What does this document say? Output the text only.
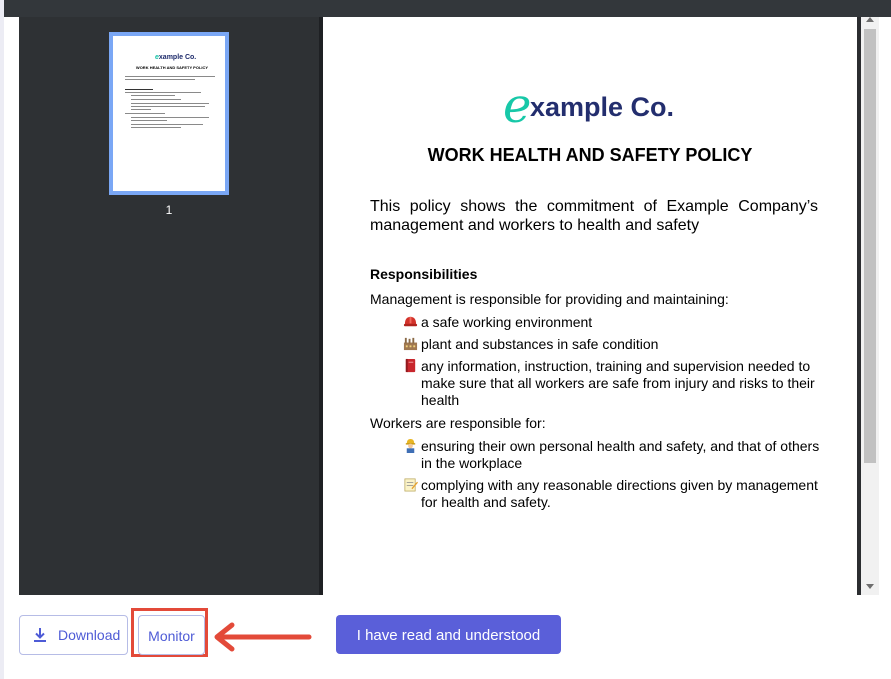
example Co.
WORK HEALTH AND SAFETY POLICY
1
e
xample Co.
WORK HEALTH AND SAFETY POLICY
This policy shows the commitment of Example Company’s management and workers to health and safety
Responsibilities
Management is responsible for providing and maintaining:
a safe working environment
plant and substances in safe condition
any information, instruction, training and supervision needed to make sure that all workers are safe from injury and risks to their health
Workers are responsible for:
ensuring their own personal health and safety, and that of others in the workplace
complying with any reasonable directions given by management for health and safety.
Download	Monitor	I have read and understood
